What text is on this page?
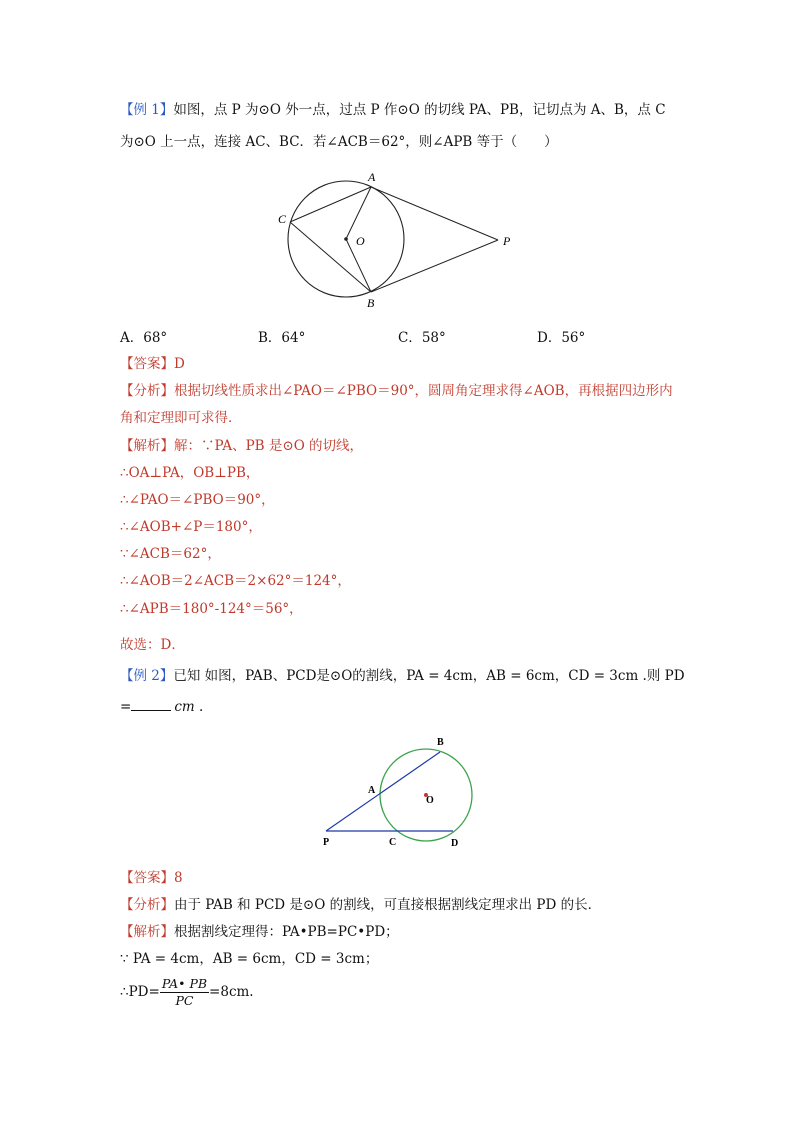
【例 1】如图，点 P 为⊙O 外一点，过点 P 作⊙O 的切线 PA、PB，记切点为 A、B，点 C
为⊙O 上一点，连接 AC、BC．若∠ACB＝62°，则∠APB 等于（　　）
A
B
C
O	P
A．68°	B．64°	C．58°	D．56°
【答案】D
【分析】根据切线性质求出∠PAO＝∠PBO＝90°，圆周角定理求得∠AOB，再根据四边形内
角和定理即可求得．
【解析】解：∵PA、PB 是⊙O 的切线，
∴OA⊥PA，OB⊥PB，
∴∠PAO＝∠PBO＝90°，
∴∠AOB+∠P＝180°，
∵∠ACB＝62°，
∴∠AOB＝2∠ACB＝2×62°＝124°，
∴∠APB＝180°-124°＝56°，
故选：D．
【例 2】已知 如图，PAB、PCD是⊙O的割线，PA = 4cm，AB = 6cm，CD = 3cm .则 PD
=	cm .
B
A
O
P	C	D
【答案】8
【分析】由于 PAB 和 PCD 是⊙O 的割线，可直接根据割线定理求出 PD 的长．
【解析】根据割线定理得：PA•PB=PC•PD；
∵ PA = 4cm，AB = 6cm，CD = 3cm；
∴PD= $\frac{PA• PB}{PC} =8cm$.
